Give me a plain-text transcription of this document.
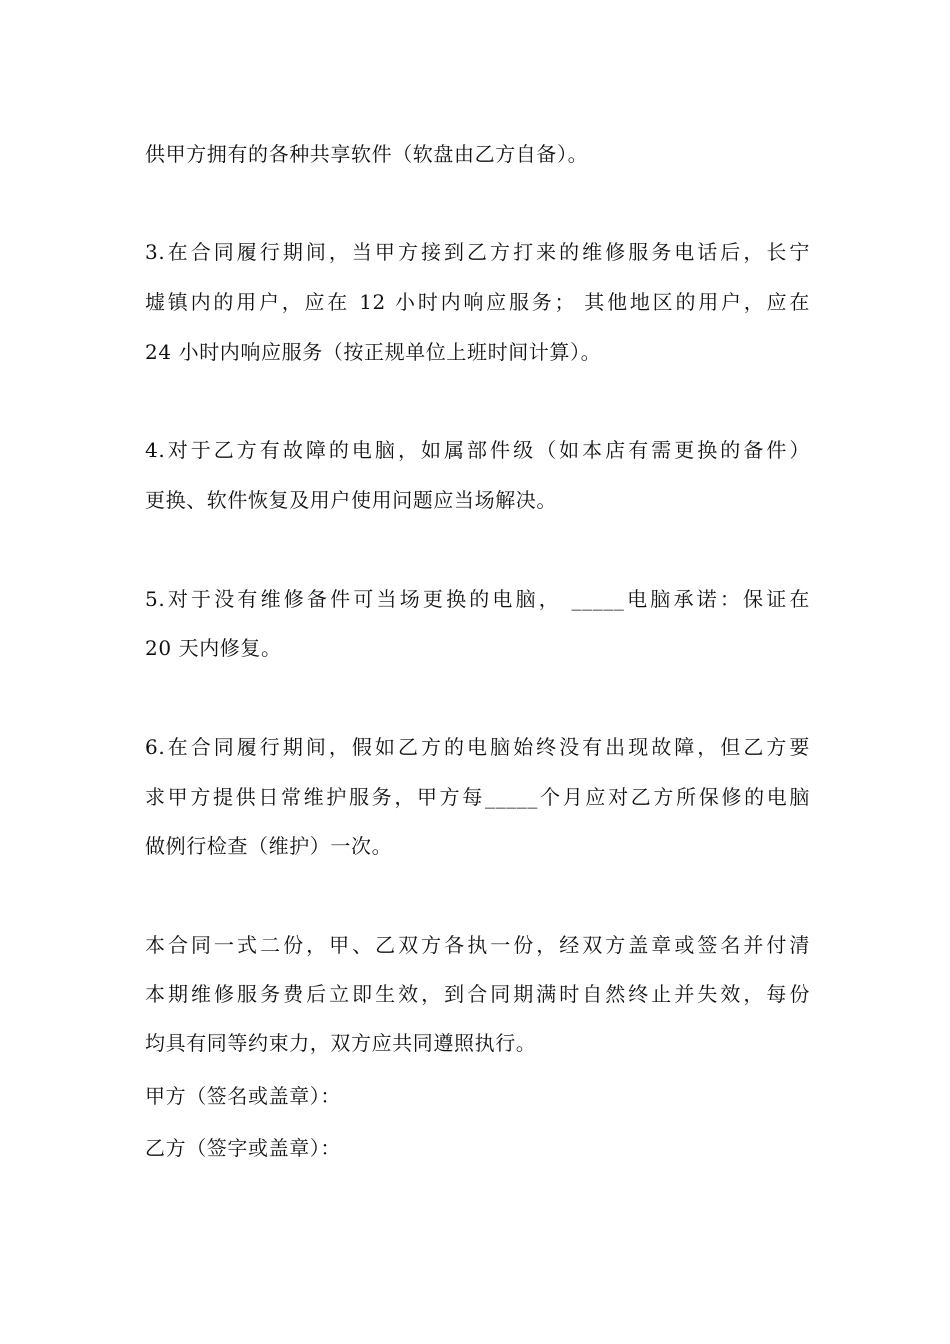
供甲方拥有的各种共享软件（软盘由乙方自备）。
3.在合同履行期间，当甲方接到乙方打来的维修服务电话后，长宁
墟镇内的用户，应在 12 小时内响应服务； 其他地区的用户，应在
24 小时内响应服务（按正规单位上班时间计算）。
4.对于乙方有故障的电脑，如属部件级（如本店有需更换的备件）
更换、软件恢复及用户使用问题应当场解决。
5.对于没有维修备件可当场更换的电脑， _____电脑承诺：保证在
20 天内修复。
6.在合同履行期间，假如乙方的电脑始终没有出现故障，但乙方要
求甲方提供日常维护服务，甲方每_____个月应对乙方所保修的电脑
做例行检查（维护）一次。
本合同一式二份，甲、乙双方各执一份，经双方盖章或签名并付清
本期维修服务费后立即生效，到合同期满时自然终止并失效，每份
均具有同等约束力，双方应共同遵照执行。
甲方（签名或盖章）：
乙方（签字或盖章）：
